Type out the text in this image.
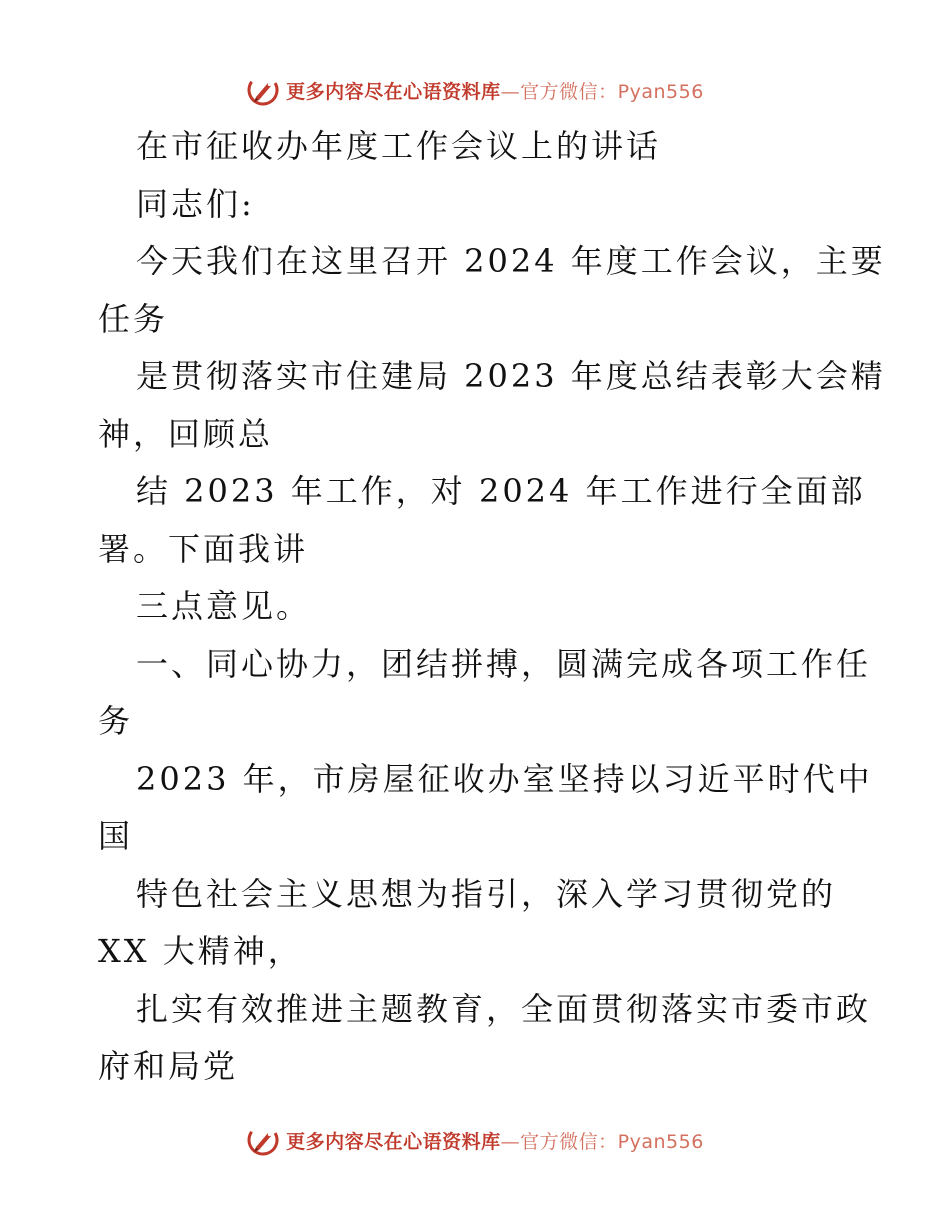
更多内容尽在心语资料库—官方微信：Pyan556

在市征收办年度工作会议上的讲话

同志们:

今天我们在这里召开 2024 年度工作会议，主要

任务

是贯彻落实市住建局 2023 年度总结表彰大会精

神，回顾总

结 2023 年工作，对 2024 年工作进行全面部

署。下面我讲

三点意见。

一、同心协力，团结拼搏，圆满完成各项工作任

务

2023 年，市房屋征收办室坚持以习近平时代中

国

特色社会主义思想为指引，深入学习贯彻党的

XX 大精神，

扎实有效推进主题教育，全面贯彻落实市委市政

府和局党

更多内容尽在心语资料库—官方微信：Pyan556
